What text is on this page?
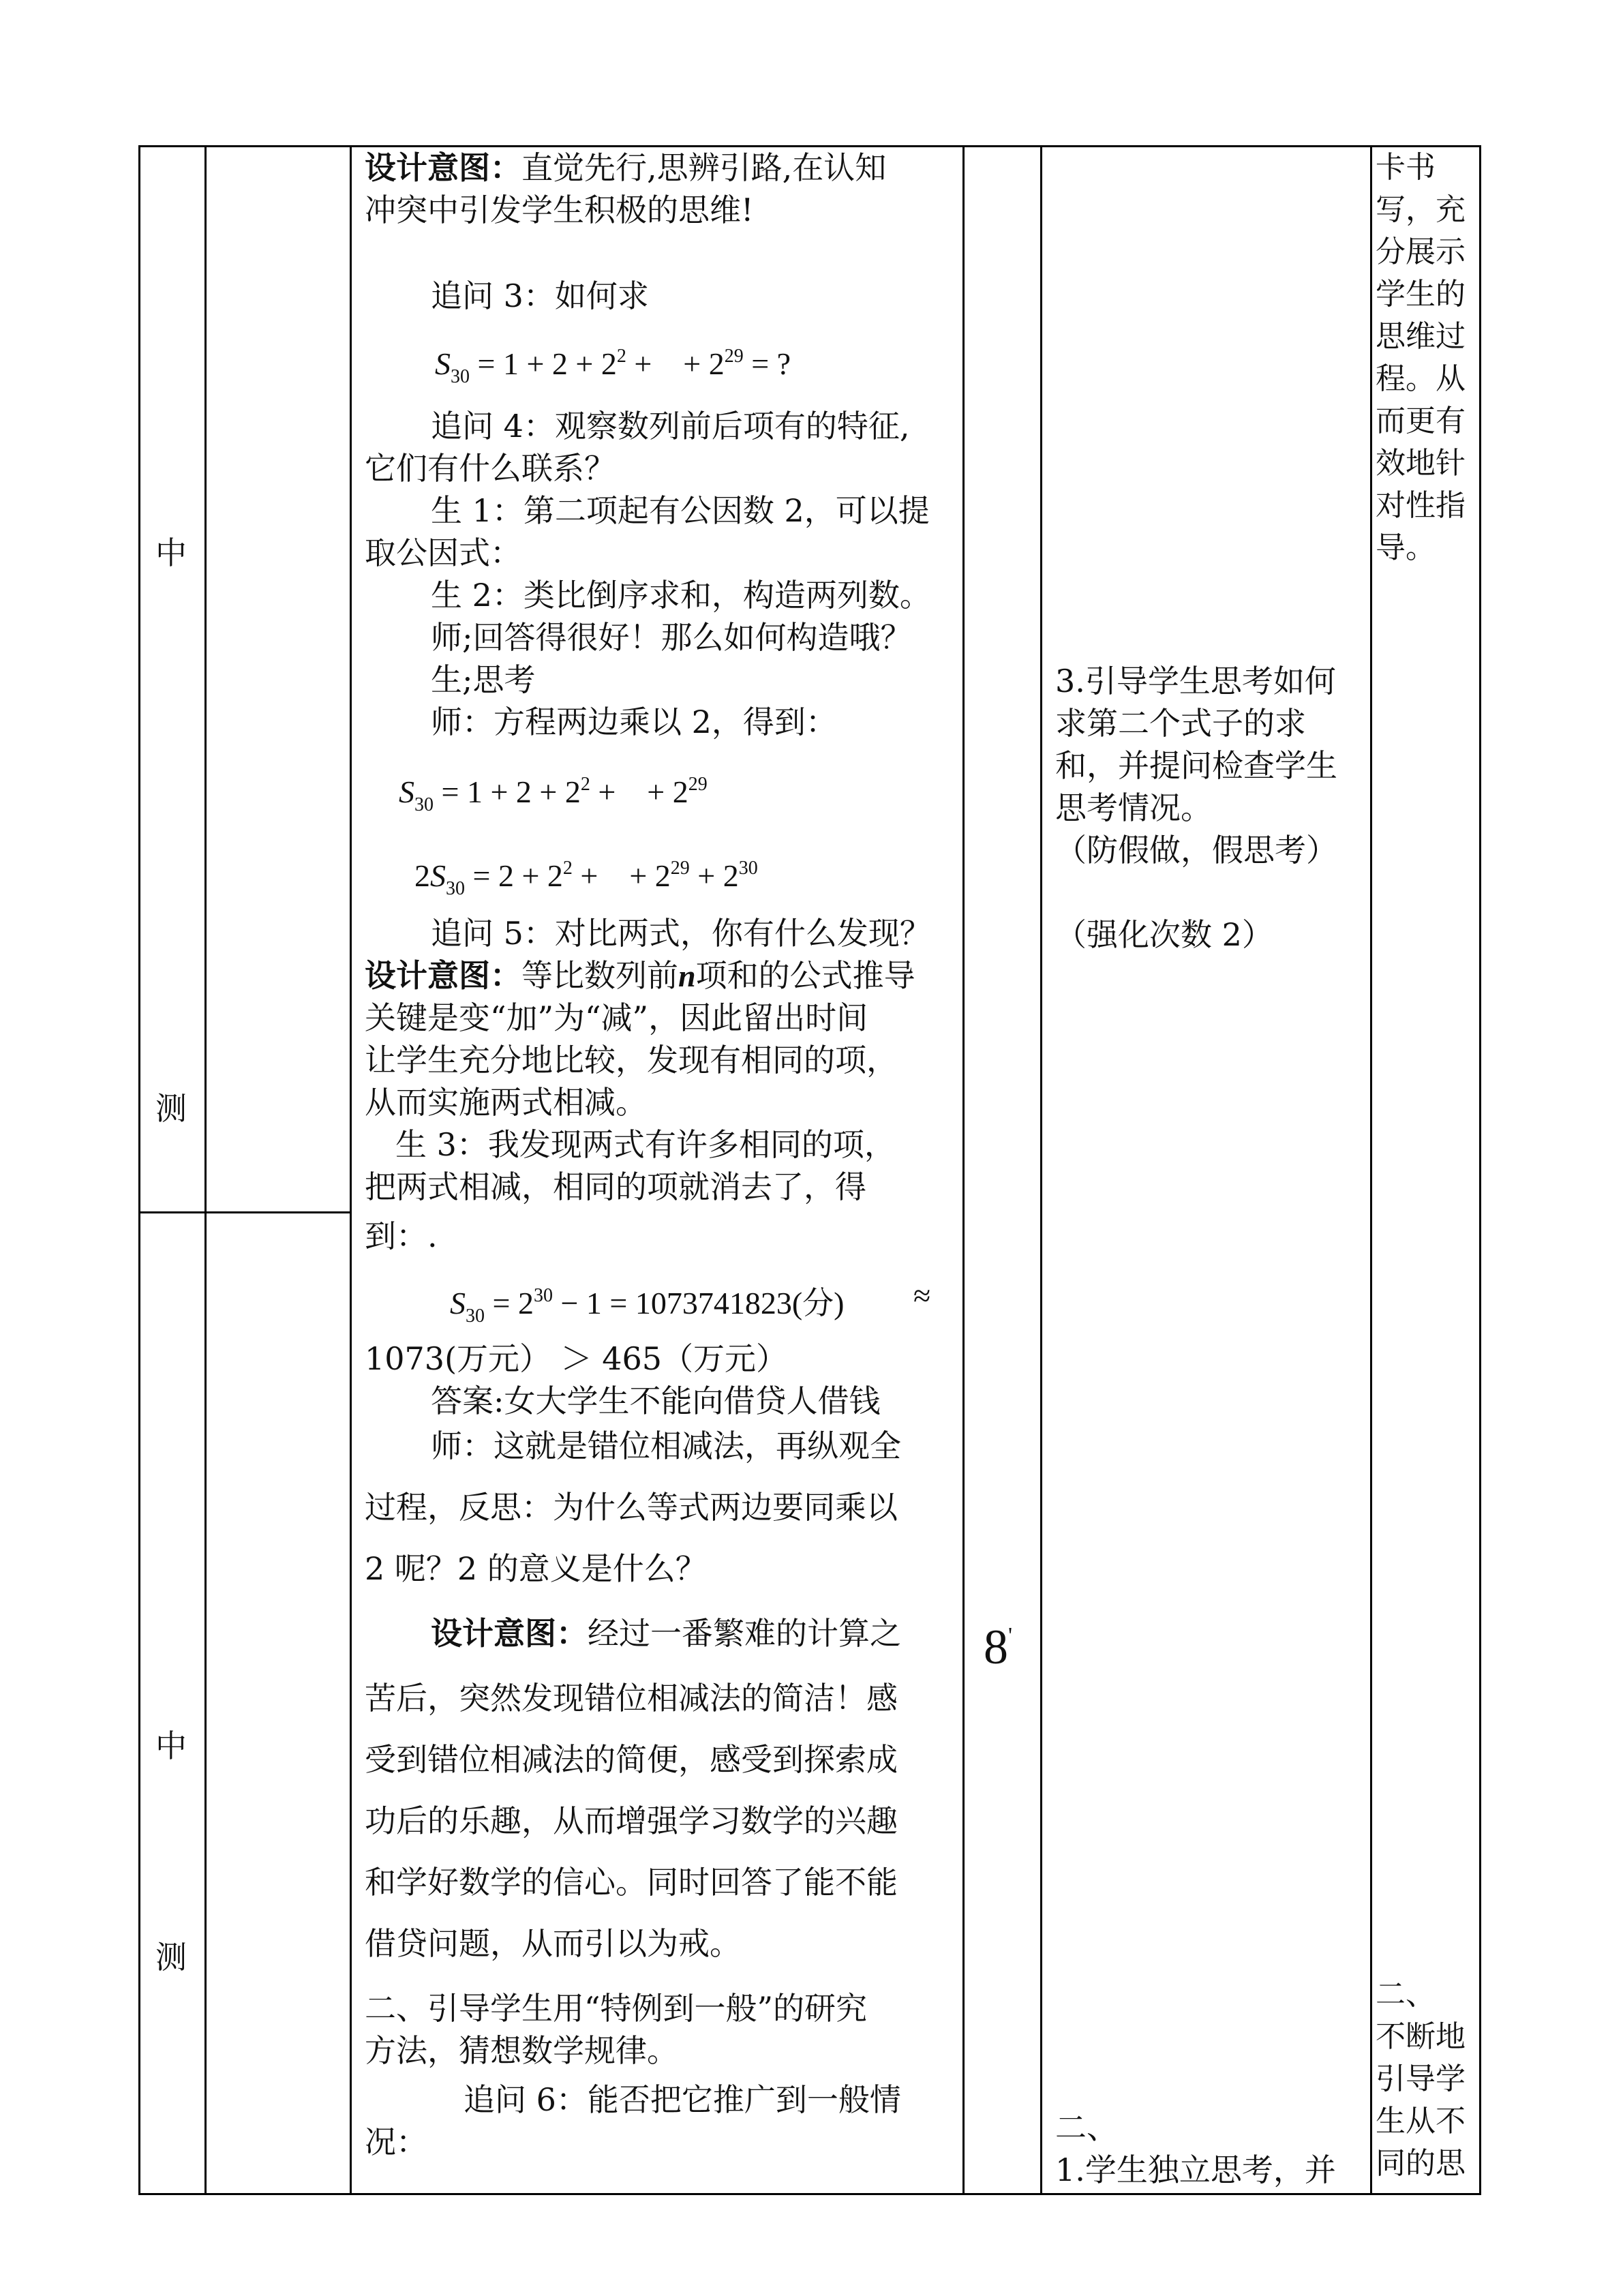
中
测
中
测
设计意图：直觉先行,思辨引路,在认知
冲突中引发学生积极的思维!
追问 3：如何求
$S_{30} = 1 + 2 + 2^2$ +    + $2^{29}$ = ?
追问 4：观察数列前后项有的特征,
它们有什么联系？
生 1：第二项起有公因数 2，可以提
取公因式：
生 2：类比倒序求和，构造两列数。
师;回答得很好！那么如何构造哦？
生;思考
师：方程两边乘以 2，得到：
$S_{30} = 1 + 2 + 2^2$ +    + $2^{29}$
$2S_{30} = 2 + 2^2$ +    + $2^{29} + 2^{30}$
追问 5：对比两式，你有什么发现？
设计意图：等比数列前n项和的公式推导
关键是变“加”为“减”，因此留出时间
让学生充分地比较，发现有相同的项，
从而实施两式相减。
生 3：我发现两式有许多相同的项，
把两式相减，相同的项就消去了，得
到：.
$S_{30} = 2^{30} - 1 = 1073741823$(分) ≈
1073(万元） ＞ 465（万元）
答案:女大学生不能向借贷人借钱
师：这就是错位相减法，再纵观全
过程，反思：为什么等式两边要同乘以
2 呢？2 的意义是什么？
设计意图：经过一番繁难的计算之
苦后，突然发现错位相减法的简洁！感
受到错位相减法的简便，感受到探索成
功后的乐趣，从而增强学习数学的兴趣
和学好数学的信心。同时回答了能不能
借贷问题，从而引以为戒。
二、引导学生用“特例到一般”的研究
方法，猜想数学规律。
追问 6：能否把它推广到一般情
况：
8'
3.引导学生思考如何
求第二个式子的求
和，并提问检查学生
思考情况。
（防假做，假思考）
（强化次数 2）
二、
1.学生独立思考，并
卡书
写，充
分展示
学生的
思维过
程。从
而更有
效地针
对性指
导。
二、
不断地
引导学
生从不
同的思
